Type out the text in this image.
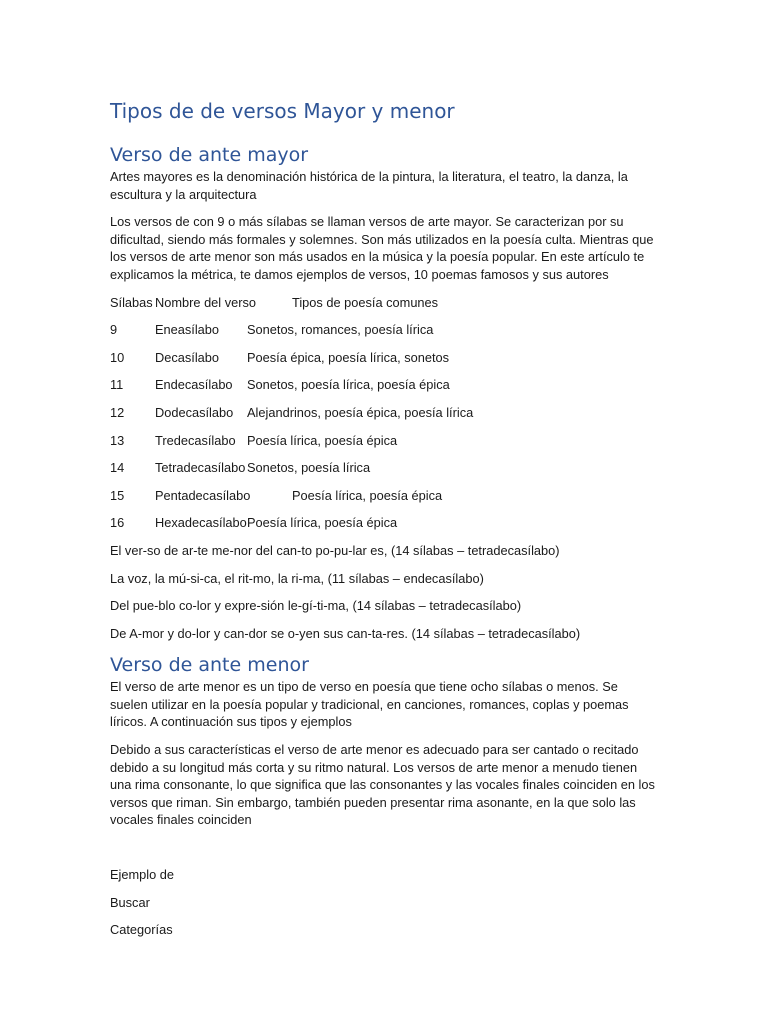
Tipos de de versos Mayor y menor
Verso de ante mayor

Artes mayores es la denominación histórica de la pintura, la literatura, el teatro, la danza, la escultura y la arquitectura

Los versos de con 9 o más sílabas se llaman versos de arte mayor. Se caracterizan por su dificultad, siendo más formales y solemnes. Son más utilizados en la poesía culta. Mientras que los versos de arte menor son más usados en la música y la poesía popular. En este artículo te explicamos la métrica, te damos ejemplos de versos, 10 poemas famosos y sus autores

Sílabas Nombre del verso	Tipos de poesía comunes
9	Eneasílabo Sonetos, romances, poesía lírica
10 Decasílabo Poesía épica, poesía lírica, sonetos
11 Endecasílabo Sonetos, poesía lírica, poesía épica
12 Dodecasílabo Alejandrinos, poesía épica, poesía lírica
13 Tredecasílabo Poesía lírica, poesía épica
14 Tetradecasílabo Sonetos, poesía lírica
15 Pentadecasílabo	Poesía lírica, poesía épica
16 Hexadecasílabo Poesía lírica, poesía épica
El ver-so de ar-te me-nor del can-to po-pu-lar es, (14 sílabas – tetradecasílabo)
La voz, la mú-si-ca, el rit-mo, la ri-ma, (11 sílabas – endecasílabo)
Del pue-blo co-lor y expre-sión le-gí-ti-ma, (14 sílabas – tetradecasílabo)
De A-mor y do-lor y can-dor se o-yen sus can-ta-res. (14 sílabas – tetradecasílabo)
Verso de ante menor

El verso de arte menor es un tipo de verso en poesía que tiene ocho sílabas o menos. Se suelen utilizar en la poesía popular y tradicional, en canciones, romances, coplas y poemas líricos. A continuación sus tipos y ejemplos

Debido a sus características el verso de arte menor es adecuado para ser cantado o recitado debido a su longitud más corta y su ritmo natural. Los versos de arte menor a menudo tienen una rima consonante, lo que significa que las consonantes y las vocales finales coinciden en los versos que riman. Sin embargo, también pueden presentar rima asonante, en la que solo las vocales finales coinciden

Ejemplo de
Buscar
Categorías
